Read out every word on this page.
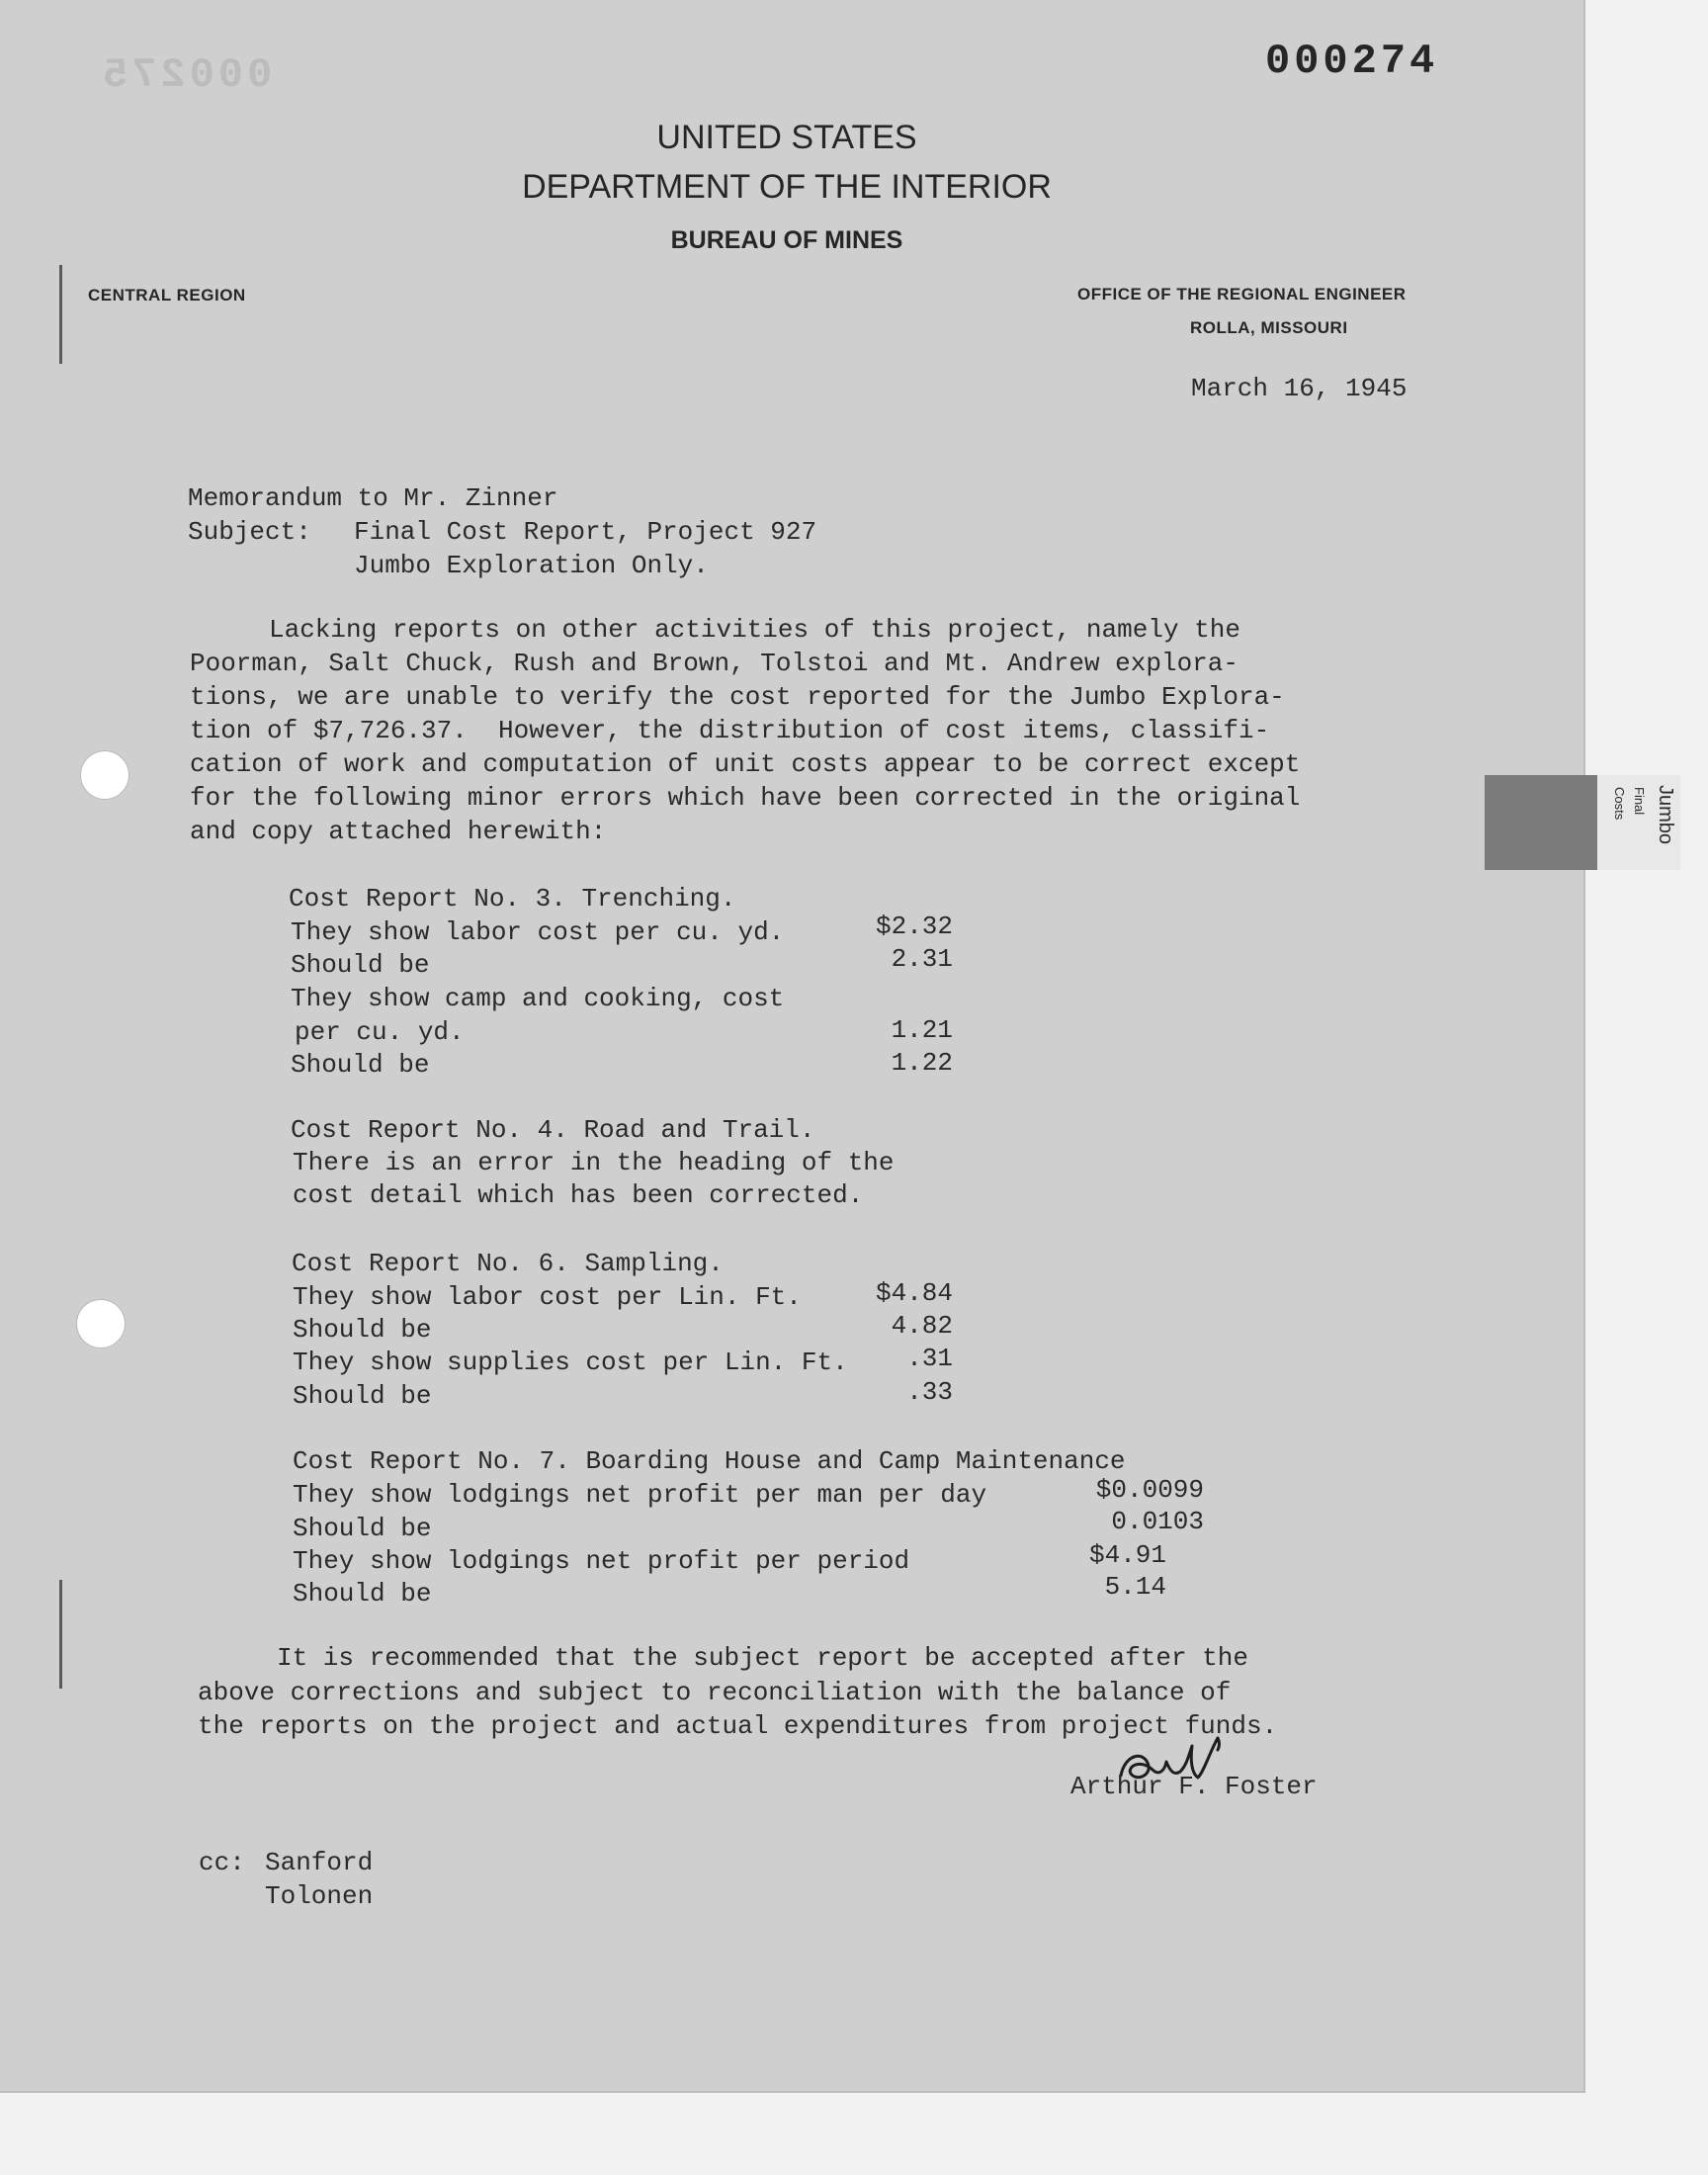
000275	000274
UNITED STATES
DEPARTMENT OF THE INTERIOR
BUREAU OF MINES
CENTRAL REGION	OFFICE OF THE REGIONAL ENGINEER
ROLLA, MISSOURI
March 16, 1945
Memorandum to Mr. Zinner
Subject: Final Cost Report, Project 927
Jumbo Exploration Only.
Lacking reports on other activities of this project, namely the
Poorman, Salt Chuck, Rush and Brown, Tolstoi and Mt. Andrew explora-
tions, we are unable to verify the cost reported for the Jumbo Explora-
tion of $7,726.37.  However, the distribution of cost items, classifi-
cation of work and computation of unit costs appear to be correct except
for the following minor errors which have been corrected in the original
and copy attached herewith:
Cost Report No. 3. Trenching.
They show labor cost per cu. yd.	$2.32
Should be	2.31
They show camp and cooking, cost
per cu. yd.	1.21
Should be	1.22
Cost Report No. 4. Road and Trail.
There is an error in the heading of the
cost detail which has been corrected.
Cost Report No. 6. Sampling.
They show labor cost per Lin. Ft.	$4.84
Should be	4.82
They show supplies cost per Lin. Ft.	.31
Should be	.33
Cost Report No. 7. Boarding House and Camp Maintenance
They show lodgings net profit per man per day	$0.0099
Should be	0.0103
They show lodgings net profit per period	$4.91
Should be	5.14
It is recommended that the subject report be accepted after the
above corrections and subject to reconciliation with the balance of
the reports on the project and actual expenditures from project funds.
Arthur F. Foster
cc: Sanford
Tolonen
Jumbo
Final
Costs
